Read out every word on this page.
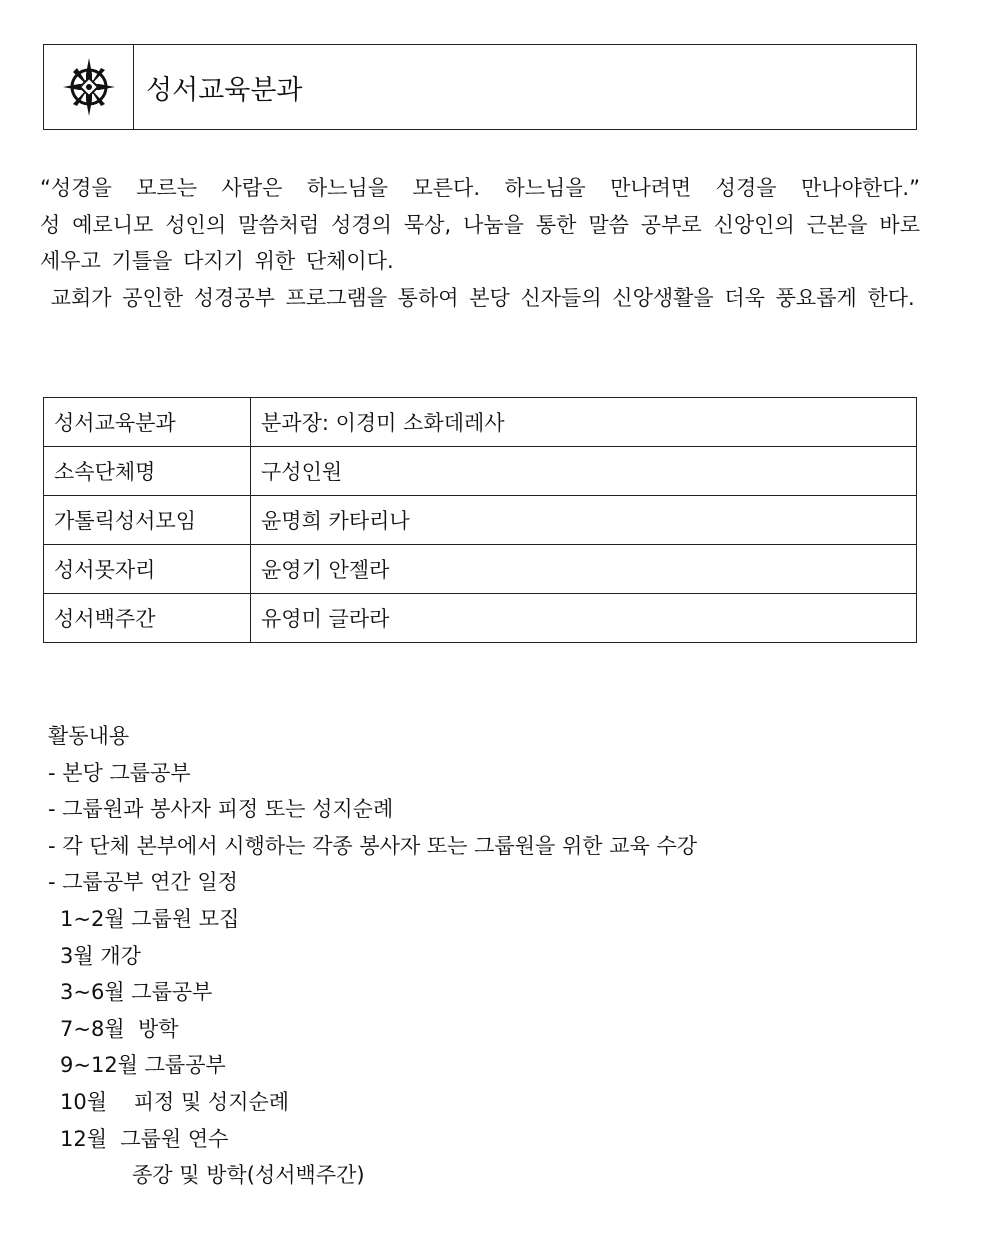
성서교육분과

“성경을 모르는 사람은 하느님을 모른다. 하느님을 만나려면 성경을 만나야한다.”

성 예로니모 성인의 말씀처럼 성경의 묵상, 나눔을 통한 말씀 공부로 신앙인의 근본을 바로 세우고 기틀을 다지기 위한 단체이다.

교회가 공인한 성경공부 프로그램을 통하여 본당 신자들의 신앙생활을 더욱 풍요롭게 한다.

성서교육분과	분과장: 이경미 소화데레사
소속단체명	구성인원
가톨릭성서모임	윤명희 카타리나
성서못자리	윤영기 안젤라
성서백주간	유영미 글라라
활동내용
- 본당 그룹공부
- 그룹원과 봉사자 피정 또는 성지순례
- 각 단체 본부에서 시행하는 각종 봉사자 또는 그룹원을 위한 교육 수강
- 그룹공부 연간 일정
1~2월 그룹원 모집
3월 개강
3~6월 그룹공부
7~8월  방학
9~12월 그룹공부
10월    피정 및 성지순례
12월  그룹원 연수
종강 및 방학(성서백주간)
